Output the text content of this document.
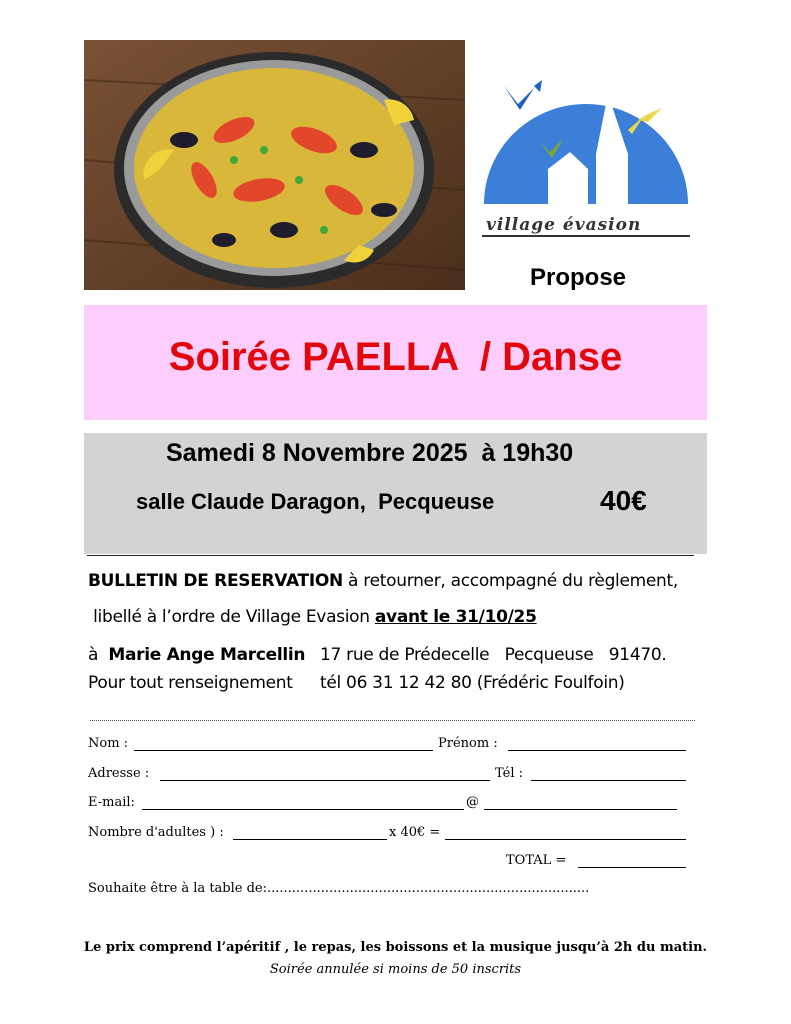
village évasion
Propose
Soirée PAELLA  / Danse
Samedi 8 Novembre 2025  à 19h30
salle Claude Daragon,  Pecqueuse	40€
BULLETIN DE RESERVATION à retourner, accompagné du règlement,
libellé à l’ordre de Village Evasion avant le 31/10/25
à  Marie Ange Marcellin 17 rue de Prédecelle   Pecqueuse   91470.
Pour tout renseignement tél 06 31 12 42 80 (Frédéric Foulfoin)
Nom :	Prénom :
Adresse :	Tél :
E-mail:	@
Nombre d'adultes ) :	x 40€ =
TOTAL =
Souhaite être à la table de:..............................................................................
Le prix comprend l’apéritif , le repas, les boissons et la musique jusqu’à 2h du matin.
Soirée annulée si moins de 50 inscrits
